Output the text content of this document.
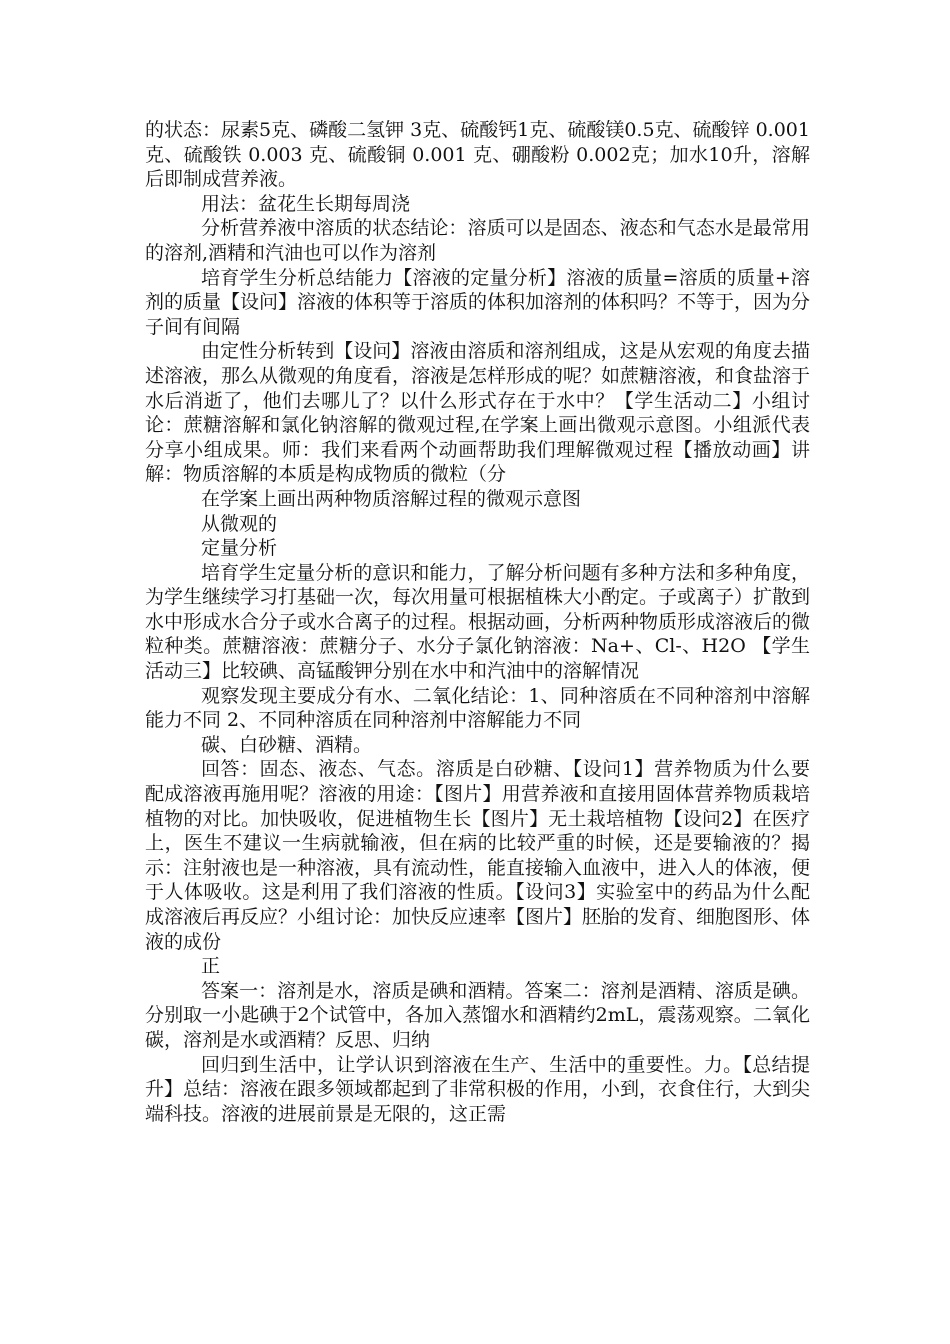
的状态：尿素5克、磷酸二氢钾 3克、硫酸钙1克、硫酸镁0.5克、硫酸锌 0.001 克、硫酸铁 0.003 克、硫酸铜 0.001 克、硼酸粉 0.002克；加水10升，溶解后即制成营养液。

用法：盆花生长期每周浇

分析营养液中溶质的状态结论：溶质可以是固态、液态和气态水是最常用的溶剂,酒精和汽油也可以作为溶剂

培育学生分析总结能力【溶液的定量分析】溶液的质量=溶质的质量+溶剂的质量【设问】溶液的体积等于溶质的体积加溶剂的体积吗？不等于，因为分子间有间隔

由定性分析转到【设问】溶液由溶质和溶剂组成，这是从宏观的角度去描述溶液，那么从微观的角度看，溶液是怎样形成的呢？如蔗糖溶液，和食盐溶于水后消逝了，他们去哪儿了？以什么形式存在于水中？【学生活动二】小组讨论：蔗糖溶解和氯化钠溶解的微观过程,在学案上画出微观示意图。小组派代表分享小组成果。师：我们来看两个动画帮助我们理解微观过程【播放动画】讲解：物质溶解的本质是构成物质的微粒（分

在学案上画出两种物质溶解过程的微观示意图

从微观的

定量分析

培育学生定量分析的意识和能力，了解分析问题有多种方法和多种角度，为学生继续学习打基础一次，每次用量可根据植株大小酌定。子或离子）扩散到水中形成水合分子或水合离子的过程。根据动画，分析两种物质形成溶液后的微粒种类。蔗糖溶液：蔗糖分子、水分子氯化钠溶液：Na+、Cl-、H2O 【学生活动三】比较碘、高锰酸钾分别在水中和汽油中的溶解情况

观察发现主要成分有水、二氧化结论：1、同种溶质在不同种溶剂中溶解能力不同 2、不同种溶质在同种溶剂中溶解能力不同

碳、白砂糖、酒精。

回答：固态、液态、气态。溶质是白砂糖、【设问1】营养物质为什么要配成溶液再施用呢？溶液的用途：【图片】用营养液和直接用固体营养物质栽培植物的对比。加快吸收，促进植物生长【图片】无土栽培植物【设问2】在医疗上，医生不建议一生病就输液，但在病的比较严重的时候，还是要输液的？揭示：注射液也是一种溶液，具有流动性，能直接输入血液中，进入人的体液，便于人体吸收。这是利用了我们溶液的性质。【设问3】实验室中的药品为什么配成溶液后再反应？小组讨论：加快反应速率【图片】胚胎的发育、细胞图形、体液的成份

正

答案一：溶剂是水，溶质是碘和酒精。答案二：溶剂是酒精、溶质是碘。分别取一小匙碘于2个试管中，各加入蒸馏水和酒精约2mL，震荡观察。二氧化碳，溶剂是水或酒精？反思、归纳

回归到生活中，让学认识到溶液在生产、生活中的重要性。力。【总结提升】总结：溶液在跟多领域都起到了非常积极的作用，小到，衣食住行，大到尖端科技。溶液的进展前景是无限的，这正需
